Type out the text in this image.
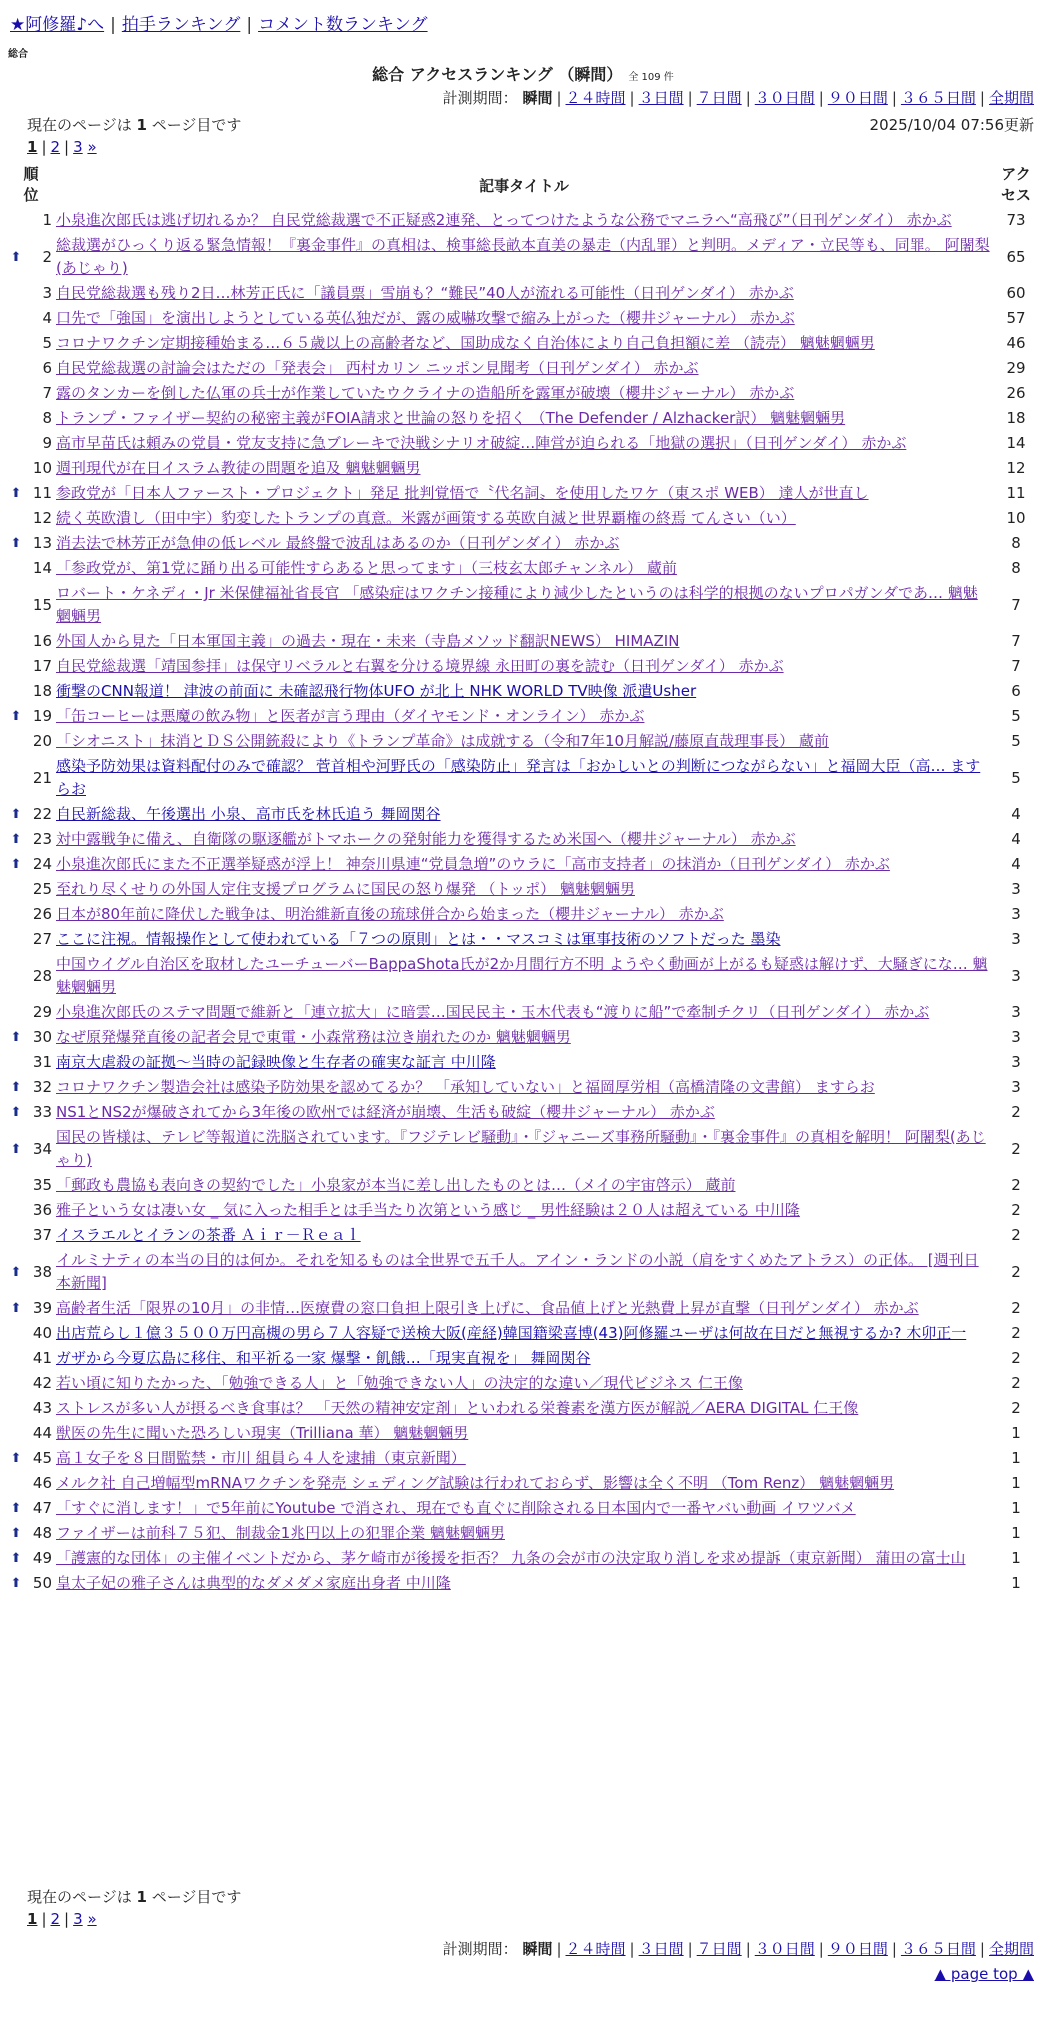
★阿修羅♪へ | 拍手ランキング | コメント数ランキング
総合
総合 アクセスランキング （瞬間） 全 109 件
計測期間： 瞬間 | ２４時間 | ３日間 | ７日間 | ３０日間 | ９０日間 | ３６５日間 | 全期間
現在のページは 1 ページ目です	2025/10/04 07:56更新
1 | 2 | 3 »
順
位		記事タイトル	アク
セス
	1	小泉進次郎氏は逃げ切れるか？ 自民党総裁選で不正疑惑2連発、とってつけたような公務でマニラへ“高飛び”（日刊ゲンダイ） 赤かぶ	73
⬆	2	総裁選がひっくり返る緊急情報！『裏金事件』の真相は、検事総長畝本直美の暴走（内乱罪）と判明。メディア・立民等も、同罪。 阿闍梨(あじゃり)	65
	3	自民党総裁選も残り2日…林芳正氏に「議員票」雪崩も？“難民”40人が流れる可能性（日刊ゲンダイ） 赤かぶ	60
	4	口先で「強国」を演出しようとしている英仏独だが、露の威嚇攻撃で縮み上がった（櫻井ジャーナル） 赤かぶ	57
	5	コロナワクチン定期接種始まる…６５歳以上の高齢者など、国助成なく自治体により自己負担額に差 （読売） 魑魅魍魎男	46
	6	自民党総裁選の討論会はただの「発表会」 西村カリン ニッポン見聞考（日刊ゲンダイ） 赤かぶ	29
	7	露のタンカーを倒した仏軍の兵士が作業していたウクライナの造船所を露軍が破壊（櫻井ジャーナル） 赤かぶ	26
	8	トランプ・ファイザー契約の秘密主義がFOIA請求と世論の怒りを招く （The Defender / Alzhacker訳） 魑魅魍魎男	18
	9	高市早苗氏は頼みの党員・党友支持に急ブレーキで決戦シナリオ破綻…陣営が迫られる「地獄の選択」（日刊ゲンダイ） 赤かぶ	14
	10	週刊現代が在日イスラム教徒の問題を追及 魑魅魍魎男	12
⬆	11	参政党が「日本人ファースト・プロジェクト」発足 批判覚悟で〝代名詞〟を使用したワケ（東スポ WEB） 達人が世直し	11
	12	続く英欧潰し（田中宇）豹変したトランプの真意。米露が画策する英欧自滅と世界覇権の終焉 てんさい（い）	10
⬆	13	消去法で林芳正が急伸の低レベル 最終盤で波乱はあるのか（日刊ゲンダイ） 赤かぶ	8
	14	「参政党が、第1党に踊り出る可能性すらあると思ってます」（三枝玄太郎チャンネル） 蔵前	8
	15	ロバート・ケネディ・Jr 米保健福祉省長官 「感染症はワクチン接種により減少したというのは科学的根拠のないプロパガンダであ… 魑魅魍魎男	7
	16	外国人から見た「日本軍国主義」の過去・現在・未来（寺島メソッド翻訳NEWS） HIMAZIN	7
	17	自民党総裁選「靖国参拝」は保守リベラルと右翼を分ける境界線 永田町の裏を読む（日刊ゲンダイ） 赤かぶ	7
	18	衝撃のCNN報道！ 津波の前面に 未確認飛行物体UFO が北上 NHK WORLD TV映像 派遣Usher	6
⬆	19	「缶コーヒーは悪魔の飲み物」と医者が言う理由（ダイヤモンド・オンライン） 赤かぶ	5
	20	「シオニスト」抹消とＤＳ公開銃殺により《トランプ革命》は成就する（令和7年10月解説/藤原直哉理事長） 蔵前	5
	21	感染予防効果は資料配付のみで確認？ 菅首相や河野氏の「感染防止」発言は「おかしいとの判断につながらない」と福岡大臣（高… ますらお	5
⬆	22	自民新総裁、午後選出 小泉、高市氏を林氏追う 舞岡関谷	4
⬆	23	対中露戦争に備え、自衛隊の駆逐艦がトマホークの発射能力を獲得するため米国へ（櫻井ジャーナル） 赤かぶ	4
⬆	24	小泉進次郎氏にまた不正選挙疑惑が浮上！ 神奈川県連“党員急増”のウラに「高市支持者」の抹消か（日刊ゲンダイ） 赤かぶ	4
	25	至れり尽くせりの外国人定住支援プログラムに国民の怒り爆発 （トッポ） 魑魅魍魎男	3
	26	日本が80年前に降伏した戦争は、明治維新直後の琉球併合から始まった（櫻井ジャーナル） 赤かぶ	3
	27	ここに注視。情報操作として使われている「７つの原則」とは・・マスコミは軍事技術のソフトだった 墨染	3
	28	中国ウイグル自治区を取材したユーチューバーBappaShota氏が2か月間行方不明 ようやく動画が上がるも疑惑は解けず、大騒ぎにな… 魑魅魍魎男	3
	29	小泉進次郎氏のステマ問題で維新と「連立拡大」に暗雲…国民民主・玉木代表も“渡りに船”で牽制チクリ（日刊ゲンダイ） 赤かぶ	3
⬆	30	なぜ原発爆発直後の記者会見で東電・小森常務は泣き崩れたのか 魑魅魍魎男	3
	31	南京大虐殺の証拠〜当時の記録映像と生存者の確実な証言 中川隆	3
⬆	32	コロナワクチン製造会社は感染予防効果を認めてるか？ 「承知していない」と福岡厚労相（高橋清隆の文書館） ますらお	3
⬆	33	NS1とNS2が爆破されてから3年後の欧州では経済が崩壊、生活も破綻（櫻井ジャーナル） 赤かぶ	2
⬆	34	国民の皆様は、テレビ等報道に洗脳されています。『フジテレビ騒動』・『ジャニーズ事務所騒動』・『裏金事件』の真相を解明！ 阿闍梨(あじゃり)	2
	35	「郵政も農協も表向きの契約でした」小泉家が本当に差し出したものとは…（メイの宇宙啓示） 蔵前	2
	36	雅子という女は凄い女 _ 気に入った相手とは手当たり次第という感じ _ 男性経験は２０人は超えている 中川隆	2
	37	イスラエルとイランの茶番 Ａｉｒ－Ｒｅａｌ	2
⬆	38	イルミナティの本当の目的は何か。それを知るものは全世界で五千人。アイン・ランドの小説（肩をすくめたアトラス）の正体。 [週刊日本新聞]	2
⬆	39	高齢者生活「限界の10月」の非情…医療費の窓口負担上限引き上げに、食品値上げと光熱費上昇が直撃（日刊ゲンダイ） 赤かぶ	2
	40	出店荒らし１億３５００万円高槻の男ら７人容疑で送検大阪(産経)韓国籍梁喜博(43)阿修羅ユーザは何故在日だと無視するか? 木卯正一	2
	41	ガザから今夏広島に移住、和平祈る一家 爆撃・飢餓…「現実直視を」 舞岡関谷	2
	42	若い頃に知りたかった、「勉強できる人」と「勉強できない人」の決定的な違い／現代ビジネス 仁王像	2
	43	ストレスが多い人が摂るべき食事は？ 「天然の精神安定剤」といわれる栄養素を漢方医が解説／AERA DIGITAL 仁王像	2
	44	獣医の先生に聞いた恐ろしい現実（Trilliana 華） 魑魅魍魎男	1
⬆	45	高１女子を８日間監禁・市川 組員ら４人を逮捕（東京新聞）	1
	46	メルク社 自己増幅型mRNAワクチンを発売 シェディング試験は行われておらず、影響は全く不明 （Tom Renz） 魑魅魍魎男	1
⬆	47	「すぐに消します！」で5年前にYoutube で消され、現在でも直ぐに削除される日本国内で一番ヤバい動画 イワツバメ	1
⬆	48	ファイザーは前科７５犯、制裁金1兆円以上の犯罪企業 魑魅魍魎男	1
⬆	49	「護憲的な団体」の主催イベントだから、茅ケ崎市が後援を拒否？ 九条の会が市の決定取り消しを求め提訴（東京新聞） 蒲田の富士山	1
⬆	50	皇太子妃の雅子さんは典型的なダメダメ家庭出身者 中川隆	1
現在のページは 1 ページ目です
1 | 2 | 3 »
計測期間： 瞬間 | ２４時間 | ３日間 | ７日間 | ３０日間 | ９０日間 | ３６５日間 | 全期間
▲ page top ▲
